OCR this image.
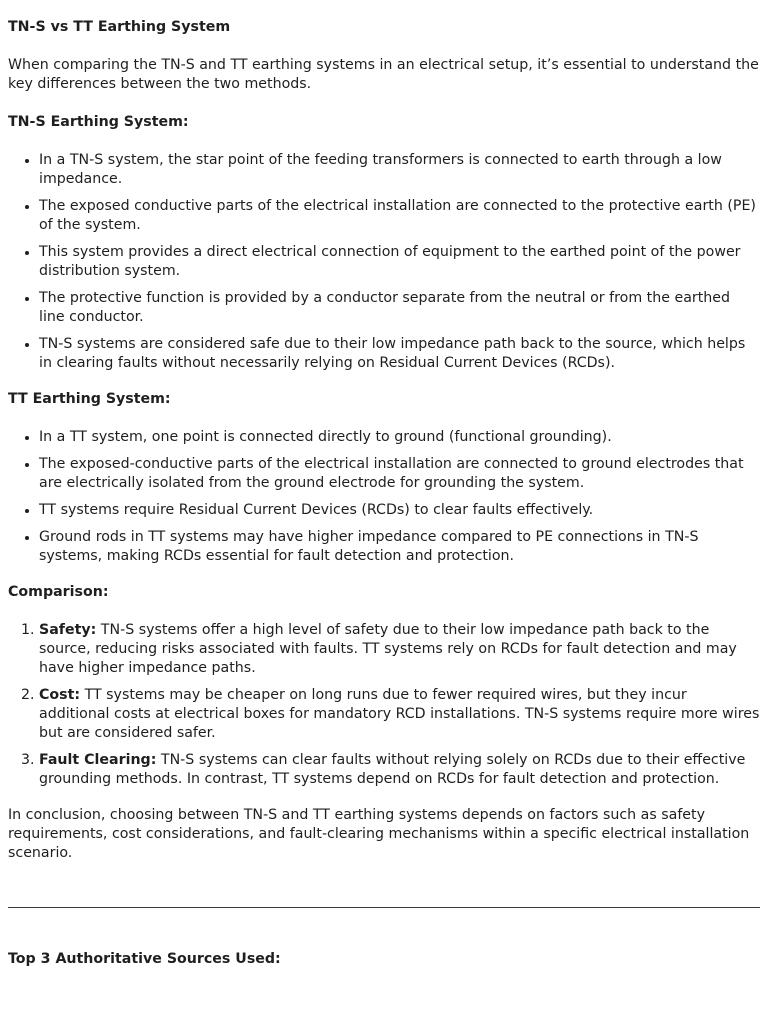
TN-S vs TT Earthing System

When comparing the TN-S and TT earthing systems in an electrical setup, it’s essential to understand the key differences between the two methods.

TN-S Earthing System:
• In a TN-S system, the star point of the feeding transformers is connected to earth through a low impedance.
• The exposed conductive parts of the electrical installation are connected to the protective earth (PE) of the system.
• This system provides a direct electrical connection of equipment to the earthed point of the power distribution system.
• The protective function is provided by a conductor separate from the neutral or from the earthed line conductor.
• TN-S systems are considered safe due to their low impedance path back to the source, which helps in clearing faults without necessarily relying on Residual Current Devices (RCDs).
TT Earthing System:
• In a TT system, one point is connected directly to ground (functional grounding).
• The exposed-conductive parts of the electrical installation are connected to ground electrodes that are electrically isolated from the ground electrode for grounding the system.
• TT systems require Residual Current Devices (RCDs) to clear faults effectively.
• Ground rods in TT systems may have higher impedance compared to PE connections in TN-S systems, making RCDs essential for fault detection and protection.
Comparison:
1. Safety: TN-S systems offer a high level of safety due to their low impedance path back to the source, reducing risks associated with faults. TT systems rely on RCDs for fault detection and may have higher impedance paths.
2. Cost: TT systems may be cheaper on long runs due to fewer required wires, but they incur additional costs at electrical boxes for mandatory RCD installations. TN-S systems require more wires but are considered safer.
3. Fault Clearing: TN-S systems can clear faults without relying solely on RCDs due to their effective grounding methods. In contrast, TT systems depend on RCDs for fault detection and protection.

In conclusion, choosing between TN-S and TT earthing systems depends on factors such as safety requirements, cost considerations, and fault-clearing mechanisms within a specific electrical installation scenario.

Top 3 Authoritative Sources Used:
